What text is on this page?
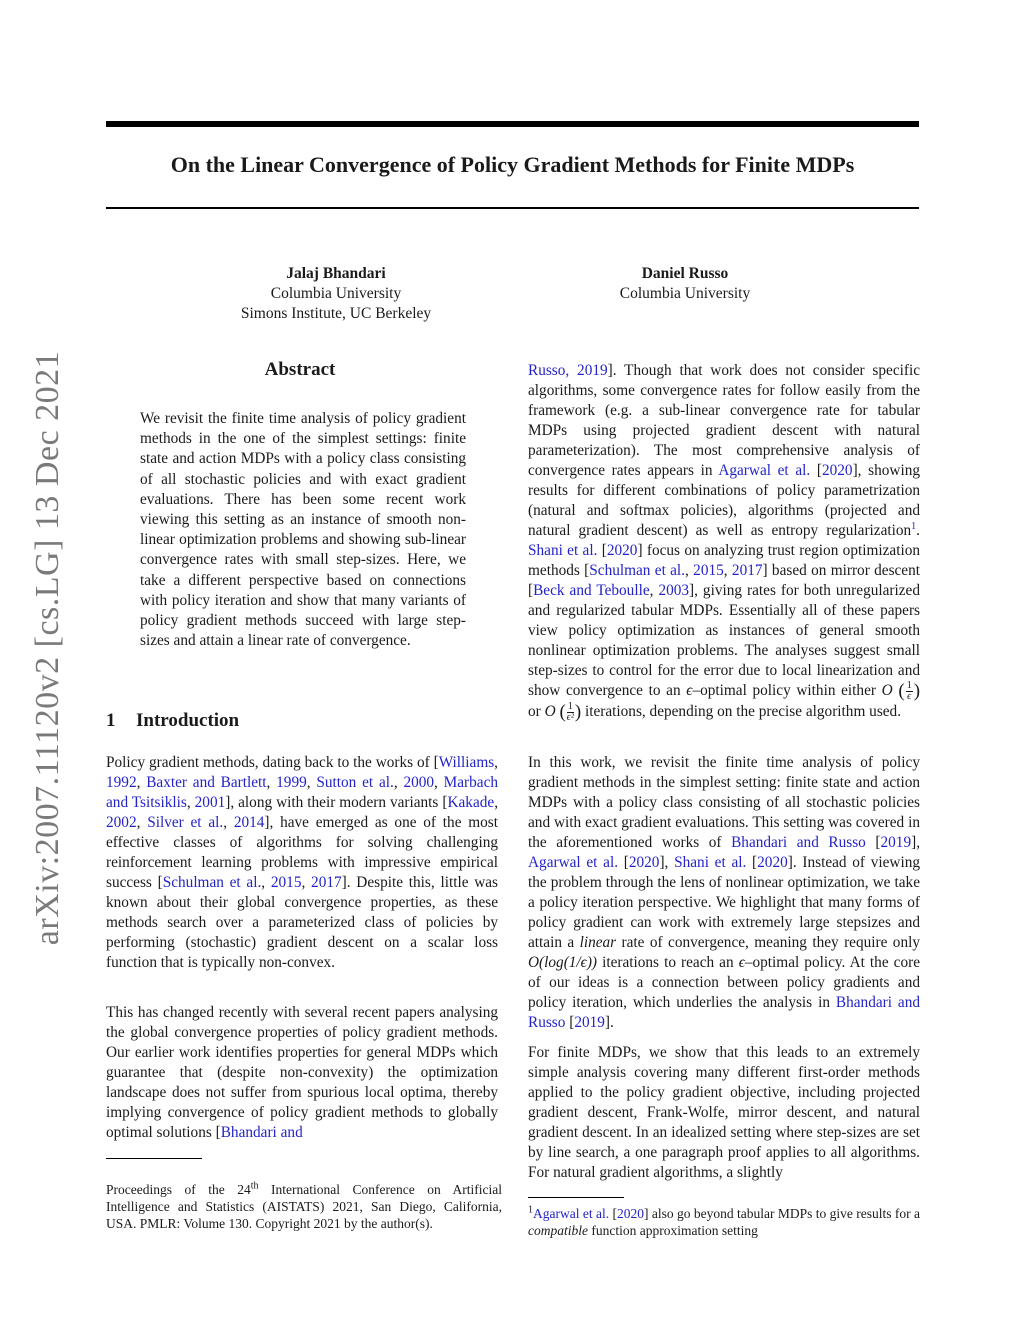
On the Linear Convergence of Policy Gradient Methods for Finite MDPs
Jalaj Bhandari
Columbia University
Simons Institute, UC Berkeley
Daniel Russo
Columbia University
arXiv:2007.11120v2 [cs.LG] 13 Dec 2021	Abstract

We revisit the finite time analysis of policy gradient methods in the one of the simplest settings: finite state and action MDPs with a policy class consisting of all stochastic policies and with exact gradient evaluations. There has been some recent work viewing this setting as an instance of smooth non-linear optimization problems and showing sub-linear convergence rates with small step-sizes. Here, we take a different perspective based on connections with policy iteration and show that many variants of policy gradient methods succeed with large step-sizes and attain a linear rate of convergence.

1 Introduction

Policy gradient methods, dating back to the works of [Williams, 1992, Baxter and Bartlett, 1999, Sutton et al., 2000, Marbach and Tsitsiklis, 2001], along with their modern variants [Kakade, 2002, Silver et al., 2014], have emerged as one of the most effective classes of algorithms for solving challenging reinforcement learning problems with impressive empirical success [Schulman et al., 2015, 2017]. Despite this, little was known about their global convergence properties, as these methods search over a parameterized class of policies by performing (stochastic) gradient descent on a scalar loss function that is typically non-convex.

This has changed recently with several recent papers analysing the global convergence properties of policy gradient methods. Our earlier work identifies properties for general MDPs which guarantee that (despite non-convexity) the optimization landscape does not suffer from spurious local optima, thereby implying convergence of policy gradient methods to globally optimal solutions [Bhandari and

Proceedings of the 24th International Conference on Artificial Intelligence and Statistics (AISTATS) 2021, San Diego, California, USA. PMLR: Volume 130. Copyright 2021 by the author(s).

Russo, 2019]. Though that work does not consider specific algorithms, some convergence rates for follow easily from the framework (e.g. a sub-linear convergence rate for tabular MDPs using projected gradient descent with natural parameterization). The most comprehensive analysis of convergence rates appears in Agarwal et al. [2020], showing results for different combinations of policy parametrization (natural and softmax policies), algorithms (projected and natural gradient descent) as well as entropy regularization$^1$. Shani et al. [2020] focus on analyzing trust region optimization methods [Schulman et al., 2015, 2017] based on mirror descent [Beck and Teboulle, 2003], giving rates for both unregularized and regularized tabular MDPs. Essentially all of these papers view policy optimization as instances of general smooth nonlinear optimization problems. The analyses suggest small step-sizes to control for the error due to local linearization and show convergence to an ϵ–optimal policy within either O ( $\frac{1}{\epsilon}$ ) or O ( $\frac{1}{\text{ϵ²}}$ ) iterations, depending on the precise algorithm used.

In this work, we revisit the finite time analysis of policy gradient methods in the simplest setting: finite state and action MDPs with a policy class consisting of all stochastic policies and with exact gradient evaluations. This setting was covered in the aforementioned works of Bhandari and Russo [2019], Agarwal et al. [2020], Shani et al. [2020]. Instead of viewing the problem through the lens of nonlinear optimization, we take a policy iteration perspective. We highlight that many forms of policy gradient can work with extremely large stepsizes and attain a linear rate of convergence, meaning they require only O(log(1/ϵ)) iterations to reach an ϵ–optimal policy. At the core of our ideas is a connection between policy gradients and policy iteration, which underlies the analysis in Bhandari and Russo [2019].

For finite MDPs, we show that this leads to an extremely simple analysis covering many different first-order methods applied to the policy gradient objective, including projected gradient descent, Frank-Wolfe, mirror descent, and natural gradient descent. In an idealized setting where step-sizes are set by line search, a one paragraph proof applies to all algorithms. For natural gradient algorithms, a slightly

$^1$Agarwal et al. [2020] also go beyond tabular MDPs to give results for a compatible function approximation setting
